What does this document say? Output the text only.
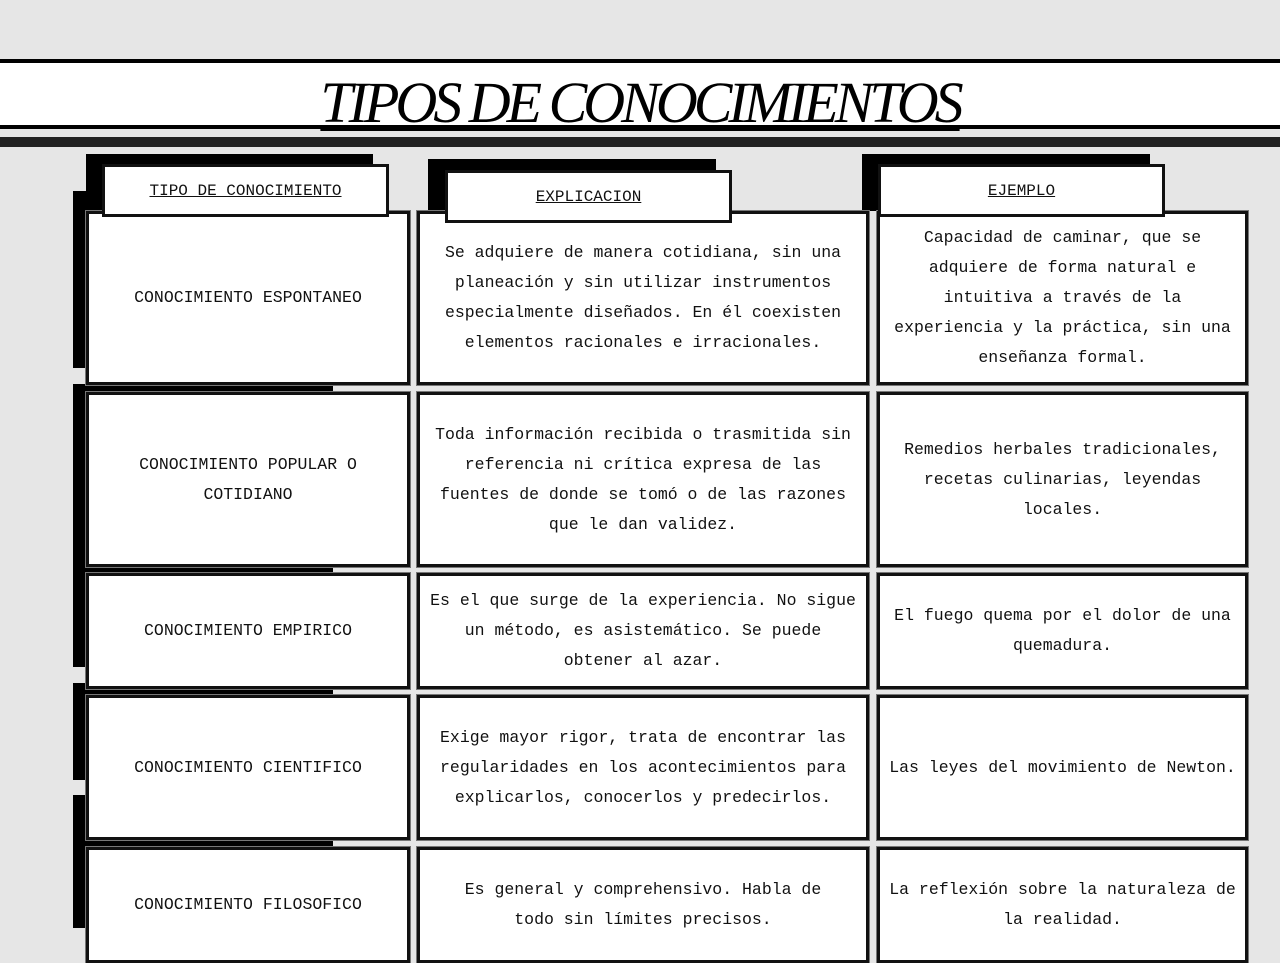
TIPOS DE CONOCIMIENTOS
CONOCIMIENTO ESPONTANEO
Se adquiere de manera cotidiana, sin una planeación y sin utilizar instrumentos especialmente diseñados. En él coexisten elementos racionales e irracionales.
Capacidad de caminar, que se adquiere de forma natural e intuitiva a través de la experiencia y la práctica, sin una enseñanza formal.
CONOCIMIENTO POPULAR O COTIDIANO
Toda información recibida o trasmitida sin referencia ni crítica expresa de las fuentes de donde se tomó o de las razones que le dan validez.
Remedios herbales tradicionales, recetas culinarias, leyendas locales.
CONOCIMIENTO EMPIRICO
Es el que surge de la experiencia. No sigue un método, es asistemático. Se puede obtener al azar.
El fuego quema por el dolor de una quemadura.
CONOCIMIENTO CIENTIFICO
Exige mayor rigor, trata de encontrar las regularidades en los acontecimientos para explicarlos, conocerlos y predecirlos.
Las leyes del movimiento de Newton.
CONOCIMIENTO FILOSOFICO
Es general y comprehensivo. Habla de todo sin límites precisos.
La reflexión sobre la naturaleza de la realidad.
TIPO DE CONOCIMIENTO	EXPLICACION	EJEMPLO
